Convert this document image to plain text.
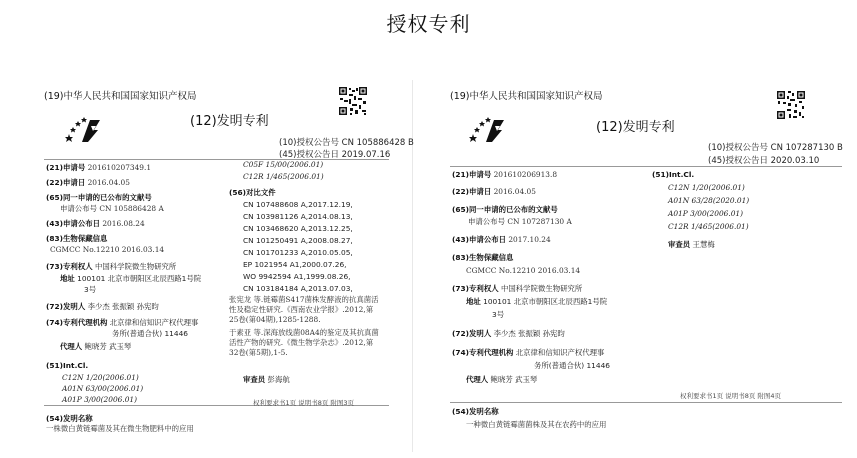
授权专利
(19)中华人民共和国国家知识产权局
(12)发明专利
(10)授权公告号 CN 105886428 B
(45)授权公告日 2019.07.16
(21)申请号 201610207349.1
(22)申请日 2016.04.05
(65)同一申请的已公布的文献号
申请公布号 CN 105886428 A
(43)申请公布日 2016.08.24
(83)生物保藏信息
CGMCC No.12210 2016.03.14
(73)专利权人 中国科学院微生物研究所
地址 100101 北京市朝阳区北辰西路1号院
3号
(72)发明人 李少杰 张振颖 孙宪昀
(74)专利代理机构 北京律和信知识产权代理事
务所(普通合伙) 11446
代理人 鲍晓芳 武玉琴
(51)Int.Cl.
C12N 1/20(2006.01)
A01N 63/00(2006.01)
A01P 3/00(2006.01)
C05F 15/00(2006.01)
C12R 1/465(2006.01)
(56)对比文件
CN 107488608 A,2017.12.19,
CN 103981126 A,2014.08.13,
CN 103468620 A,2013.12.25,
CN 101250491 A,2008.08.27,
CN 101701233 A,2010.05.05,
EP 1021954 A1,2000.07.26,
WO 9942594 A1,1999.08.26,
CN 103184184 A,2013.07.03,
张宪龙 等.链霉菌S417菌株发酵液的抗真菌活性及稳定性研究.《西南农业学报》.2012,第25卷(第04期),1285-1288.
于素亚 等.深海放线菌08A4的鉴定及其抗真菌活性产物的研究.《微生物学杂志》.2012,第32卷(第5期),1-5.
审查员 彭海航
权利要求书1页 说明书8页 附图3页
(54)发明名称
一株微白黄链霉菌及其在微生物肥料中的应用
(19)中华人民共和国国家知识产权局
(12)发明专利
(10)授权公告号 CN 107287130 B
(45)授权公告日 2020.03.10
(21)申请号 201610206913.8
(22)申请日 2016.04.05
(65)同一申请的已公布的文献号
申请公布号 CN 107287130 A
(43)申请公布日 2017.10.24
(83)生物保藏信息
CGMCC No.12210 2016.03.14
(73)专利权人 中国科学院微生物研究所
地址 100101 北京市朝阳区北辰西路1号院
3号
(72)发明人 李少杰 张振颖 孙宪昀
(74)专利代理机构 北京律和信知识产权代理事
务所(普通合伙) 11446
代理人 鲍晓芳 武玉琴
(51)Int.Cl.
C12N 1/20(2006.01)
A01N 63/28(2020.01)
A01P 3/00(2006.01)
C12R 1/465(2006.01)
审查员 王慧梅
权利要求书1页 说明书8页 附图4页
(54)发明名称
一种微白黄链霉菌菌株及其在农药中的应用
